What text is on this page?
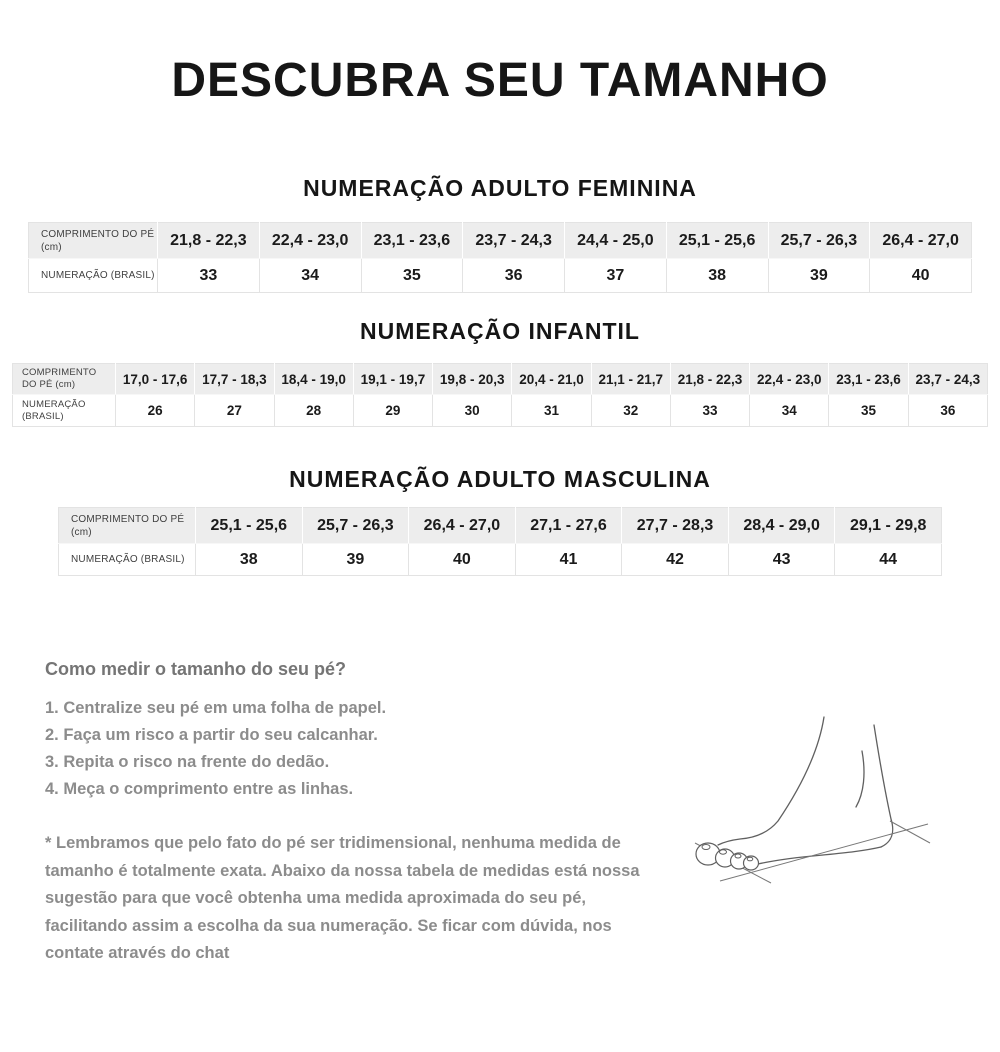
DESCUBRA SEU TAMANHO
NUMERAÇÃO ADULTO FEMININA
COMPRIMENTO DO PÉ (cm)	21,8 - 22,3	22,4 - 23,0	23,1 - 23,6	23,7 - 24,3	24,4 - 25,0	25,1 - 25,6	25,7 - 26,3	26,4 - 27,0
NUMERAÇÃO (BRASIL)	33	34	35	36	37	38	39	40
NUMERAÇÃO INFANTIL
COMPRIMENTO DO PÉ (cm)	17,0 - 17,6	17,7 - 18,3	18,4 - 19,0	19,1 - 19,7	19,8 - 20,3	20,4 - 21,0	21,1 - 21,7	21,8 - 22,3	22,4 - 23,0	23,1 - 23,6	23,7 - 24,3
NUMERAÇÃO (BRASIL)	26	27	28	29	30	31	32	33	34	35	36
NUMERAÇÃO ADULTO MASCULINA
COMPRIMENTO DO PÉ (cm)	25,1 - 25,6	25,7 - 26,3	26,4 - 27,0	27,1 - 27,6	27,7 - 28,3	28,4 - 29,0	29,1 - 29,8
NUMERAÇÃO (BRASIL)	38	39	40	41	42	43	44
Como medir o tamanho do seu pé?
1. Centralize seu pé em uma folha de papel.
2. Faça um risco a partir do seu calcanhar.
3. Repita o risco na frente do dedão.
4. Meça o comprimento entre as linhas.

* Lembramos que pelo fato do pé ser tridimensional, nenhuma medida de tamanho é totalmente exata. Abaixo da nossa tabela de medidas está nossa sugestão para que você obtenha uma medida aproximada do seu pé, facilitando assim a escolha da sua numeração. Se ficar com dúvida, nos contate através do chat
